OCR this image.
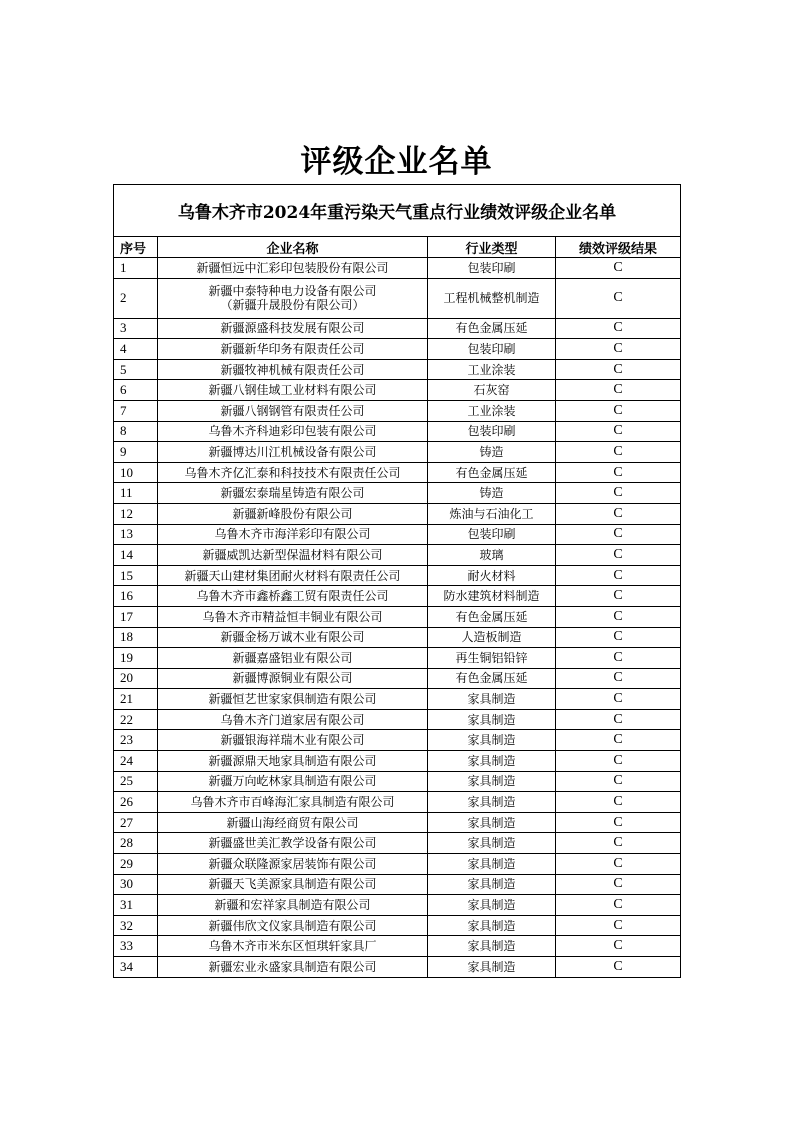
评级企业名单
乌鲁木齐市2024年重污染天气重点行业绩效评级企业名单			
序号	企业名称	行业类型	绩效评级结果
1	新疆恒远中汇彩印包装股份有限公司	包装印刷	C
2	新疆中泰特种电力设备有限公司
（新疆升晟股份有限公司）	工程机械整机制造	C
3	新疆源盛科技发展有限公司	有色金属压延	C
4	新疆新华印务有限责任公司	包装印刷	C
5	新疆牧神机械有限责任公司	工业涂装	C
6	新疆八钢佳域工业材料有限公司	石灰窑	C
7	新疆八钢钢管有限责任公司	工业涂装	C
8	乌鲁木齐科迪彩印包装有限公司	包装印刷	C
9	新疆博达川江机械设备有限公司	铸造	C
10	乌鲁木齐亿汇泰和科技技术有限责任公司	有色金属压延	C
11	新疆宏泰瑞星铸造有限公司	铸造	C
12	新疆新峰股份有限公司	炼油与石油化工	C
13	乌鲁木齐市海洋彩印有限公司	包装印刷	C
14	新疆威凯达新型保温材料有限公司	玻璃	C
15	新疆天山建材集团耐火材料有限责任公司	耐火材料	C
16	乌鲁木齐市鑫桥鑫工贸有限责任公司	防水建筑材料制造	C
17	乌鲁木齐市精益恒丰铜业有限公司	有色金属压延	C
18	新疆金杨万诚木业有限公司	人造板制造	C
19	新疆嘉盛铝业有限公司	再生铜铝铅锌	C
20	新疆博源铜业有限公司	有色金属压延	C
21	新疆恒艺世家家俱制造有限公司	家具制造	C
22	乌鲁木齐门道家居有限公司	家具制造	C
23	新疆银海祥瑞木业有限公司	家具制造	C
24	新疆源鼎天地家具制造有限公司	家具制造	C
25	新疆万向屹林家具制造有限公司	家具制造	C
26	乌鲁木齐市百峰海汇家具制造有限公司	家具制造	C
27	新疆山海经商贸有限公司	家具制造	C
28	新疆盛世美汇教学设备有限公司	家具制造	C
29	新疆众联隆源家居装饰有限公司	家具制造	C
30	新疆天飞美源家具制造有限公司	家具制造	C
31	新疆和宏祥家具制造有限公司	家具制造	C
32	新疆伟欣文仪家具制造有限公司	家具制造	C
33	乌鲁木齐市米东区恒琪轩家具厂	家具制造	C
34	新疆宏业永盛家具制造有限公司	家具制造	C
